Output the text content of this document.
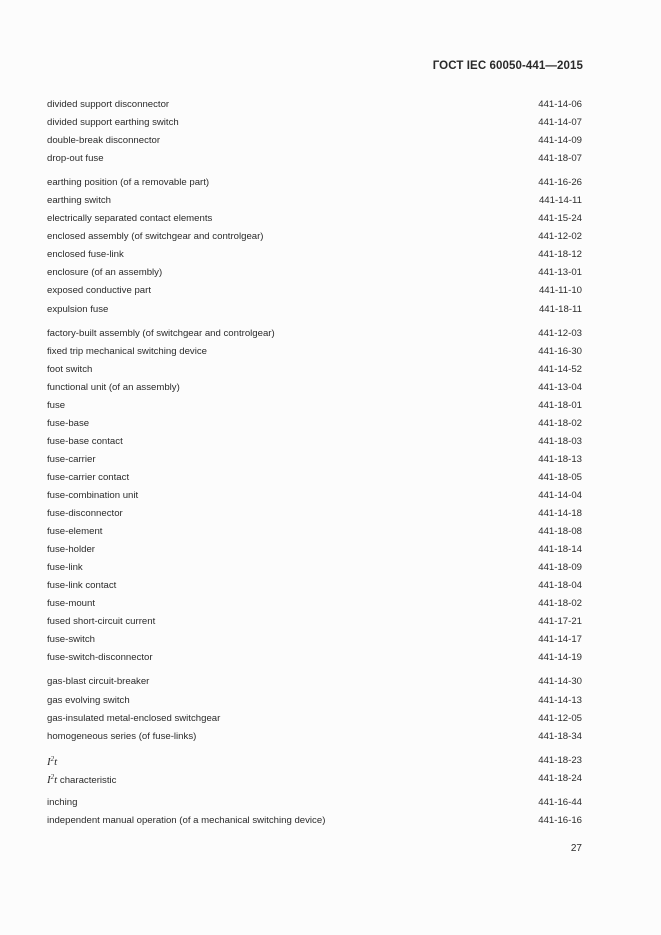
ГОСТ IEC 60050-441—2015
divided support disconnector	441-14-06
divided support earthing switch	441-14-07
double-break disconnector	441-14-09
drop-out fuse	441-18-07
earthing position (of a removable part)	441-16-26
earthing switch	441-14-11
electrically separated contact elements	441-15-24
enclosed assembly (of switchgear and controlgear)	441-12-02
enclosed fuse-link	441-18-12
enclosure (of an assembly)	441-13-01
exposed conductive part	441-11-10
expulsion fuse	441-18-11
factory-built assembly (of switchgear and controlgear)	441-12-03
fixed trip mechanical switching device	441-16-30
foot switch	441-14-52
functional unit (of an assembly)	441-13-04
fuse	441-18-01
fuse-base	441-18-02
fuse-base contact	441-18-03
fuse-carrier	441-18-13
fuse-carrier contact	441-18-05
fuse-combination unit	441-14-04
fuse-disconnector	441-14-18
fuse-element	441-18-08
fuse-holder	441-18-14
fuse-link	441-18-09
fuse-link contact	441-18-04
fuse-mount	441-18-02
fused short-circuit current	441-17-21
fuse-switch	441-14-17
fuse-switch-disconnector	441-14-19
gas-blast circuit-breaker	441-14-30
gas evolving switch	441-14-13
gas-insulated metal-enclosed switchgear	441-12-05
homogeneous series (of fuse-links)	441-18-34
$I^2t$	441-18-23
$I^2t$ characteristic	441-18-24
inching	441-16-44
independent manual operation (of a mechanical switching device)	441-16-16
27
